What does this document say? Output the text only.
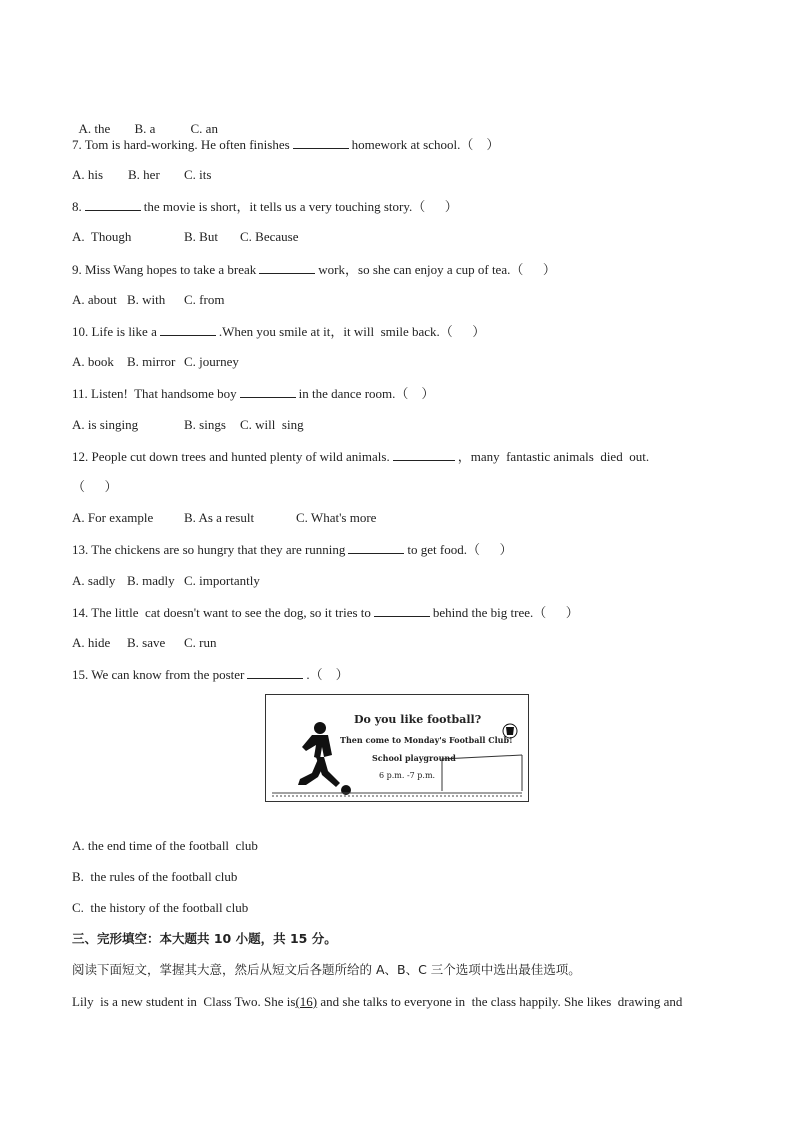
A. the B. a	C. an

7. Tom is hard-working. He often finishes	homework at school.（    ）
A. his B. her C. its
8.	the movie is short，it tells us a very touching story.（      ）
A.  Though	B. But C. Because
9. Miss Wang hopes to take a break	work，so she can enjoy a cup of tea.（      ）
A. about B. with C. from
10. Life is like a	.When you smile at it，it will  smile back.（      ）
A. book B. mirror C. journey
11. Listen!  That handsome boy	in the dance room.（    ）
A. is singing	B. sings C. will  sing
12. People cut down trees and hunted plenty of wild animals.	，many  fantastic animals  died  out.
（      ）
A. For example B. As a result	C. What's more
13. The chickens are so hungry that they are running	to get food.（      ）
A. sadly B. madly C. importantly
14. The little  cat doesn't want to see the dog, so it tries to	behind the big tree.（      ）
A. hide B. save C. run
15. We can know from the poster	.（    ）
Do you like football?
Then come to Monday's Football Club!
School playground
6 p.m. -7 p.m.
A. the end time of the football  club
B.  the rules of the football club
C.  the history of the football club
三、完形填空：本大题共 10 小题，共 15 分。
阅读下面短文，掌握其大意，然后从短文后各题所给的 A、B、C 三个选项中选出最佳选项。
Lily  is a new student in  Class Two. She is(16) and she talks to everyone in  the class happily. She likes  drawing and
